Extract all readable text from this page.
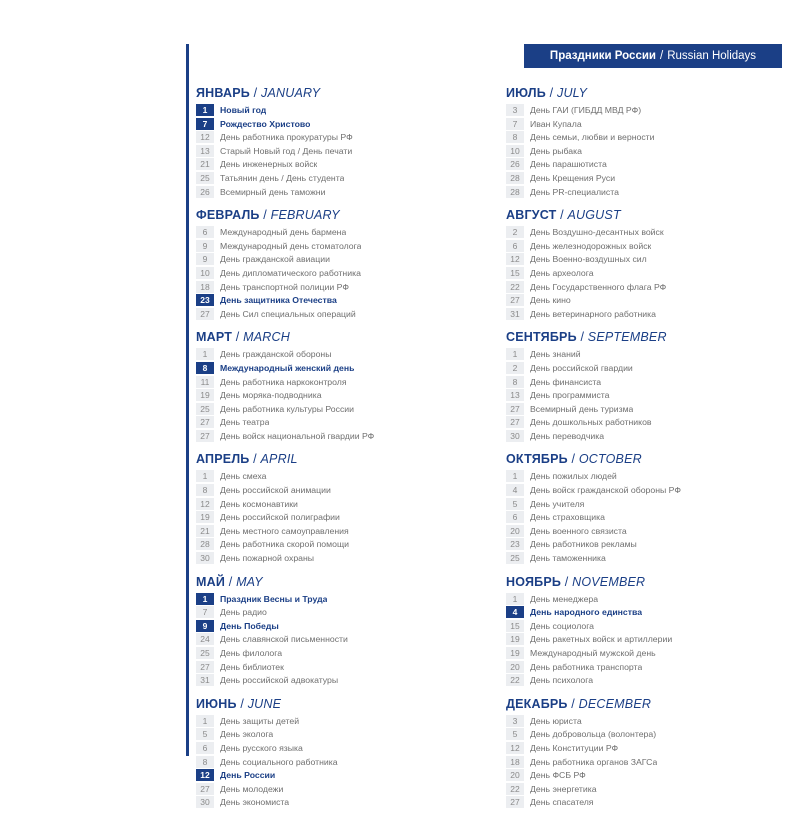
Праздники России / Russian Holidays
ЯНВАРЬ / JANUARY
1	Новый год
7	Рождество Христово
12	День работника прокуратуры РФ
13	Старый Новый год / День печати
21	День инженерных войск
25	Татьянин день / День студента
26	Всемирный день таможни
ФЕВРАЛЬ / FEBRUARY
6	Международный день бармена
9	Международный день стоматолога
9	День гражданской авиации
10	День дипломатического работника
18	День транспортной полиции РФ
23	День защитника Отечества
27	День Сил специальных операций
МАРТ / MARCH
1	День гражданской обороны
8	Международный женский день
11	День работника наркоконтроля
19	День моряка-подводника
25	День работника культуры России
27	День театра
27	День войск национальной гвардии РФ
АПРЕЛЬ / APRIL
1	День смеха
8	День российской анимации
12	День космонавтики
19	День российской полиграфии
21	День местного самоуправления
28	День работника скорой помощи
30	День пожарной охраны
МАЙ / MAY
1	Праздник Весны и Труда
7	День радио
9	День Победы
24	День славянской письменности
25	День филолога
27	День библиотек
31	День российской адвокатуры
ИЮНЬ / JUNE
1	День защиты детей
5	День эколога
6	День русского языка
8	День социального работника
12	День России
27	День молодежи
30	День экономиста
ИЮЛЬ / JULY
3	День ГАИ (ГИБДД МВД РФ)
7	Иван Купала
8	День семьи, любви и верности
10	День рыбака
26	День парашютиста
28	День Крещения Руси
28	День PR-специалиста
АВГУСТ / AUGUST
2	День Воздушно-десантных войск
6	День железнодорожных войск
12	День Военно-воздушных сил
15	День археолога
22	День Государственного флага РФ
27	День кино
31	День ветеринарного работника
СЕНТЯБРЬ / SEPTEMBER
1	День знаний
2	День российской гвардии
8	День финансиста
13	День программиста
27	Всемирный день туризма
27	День дошкольных работников
30	День переводчика
ОКТЯБРЬ / OCTOBER
1	День пожилых людей
4	День войск гражданской обороны РФ
5	День учителя
6	День страховщика
20	День военного связиста
23	День работников рекламы
25	День таможенника
НОЯБРЬ / NOVEMBER
1	День менеджера
4	День народного единства
15	День социолога
19	День ракетных войск и артиллерии
19	Международный мужской день
20	День работника транспорта
22	День психолога
ДЕКАБРЬ / DECEMBER
3	День юриста
5	День добровольца (волонтера)
12	День Конституции РФ
18	День работника органов ЗАГСа
20	День ФСБ РФ
22	День энергетика
27	День спасателя
